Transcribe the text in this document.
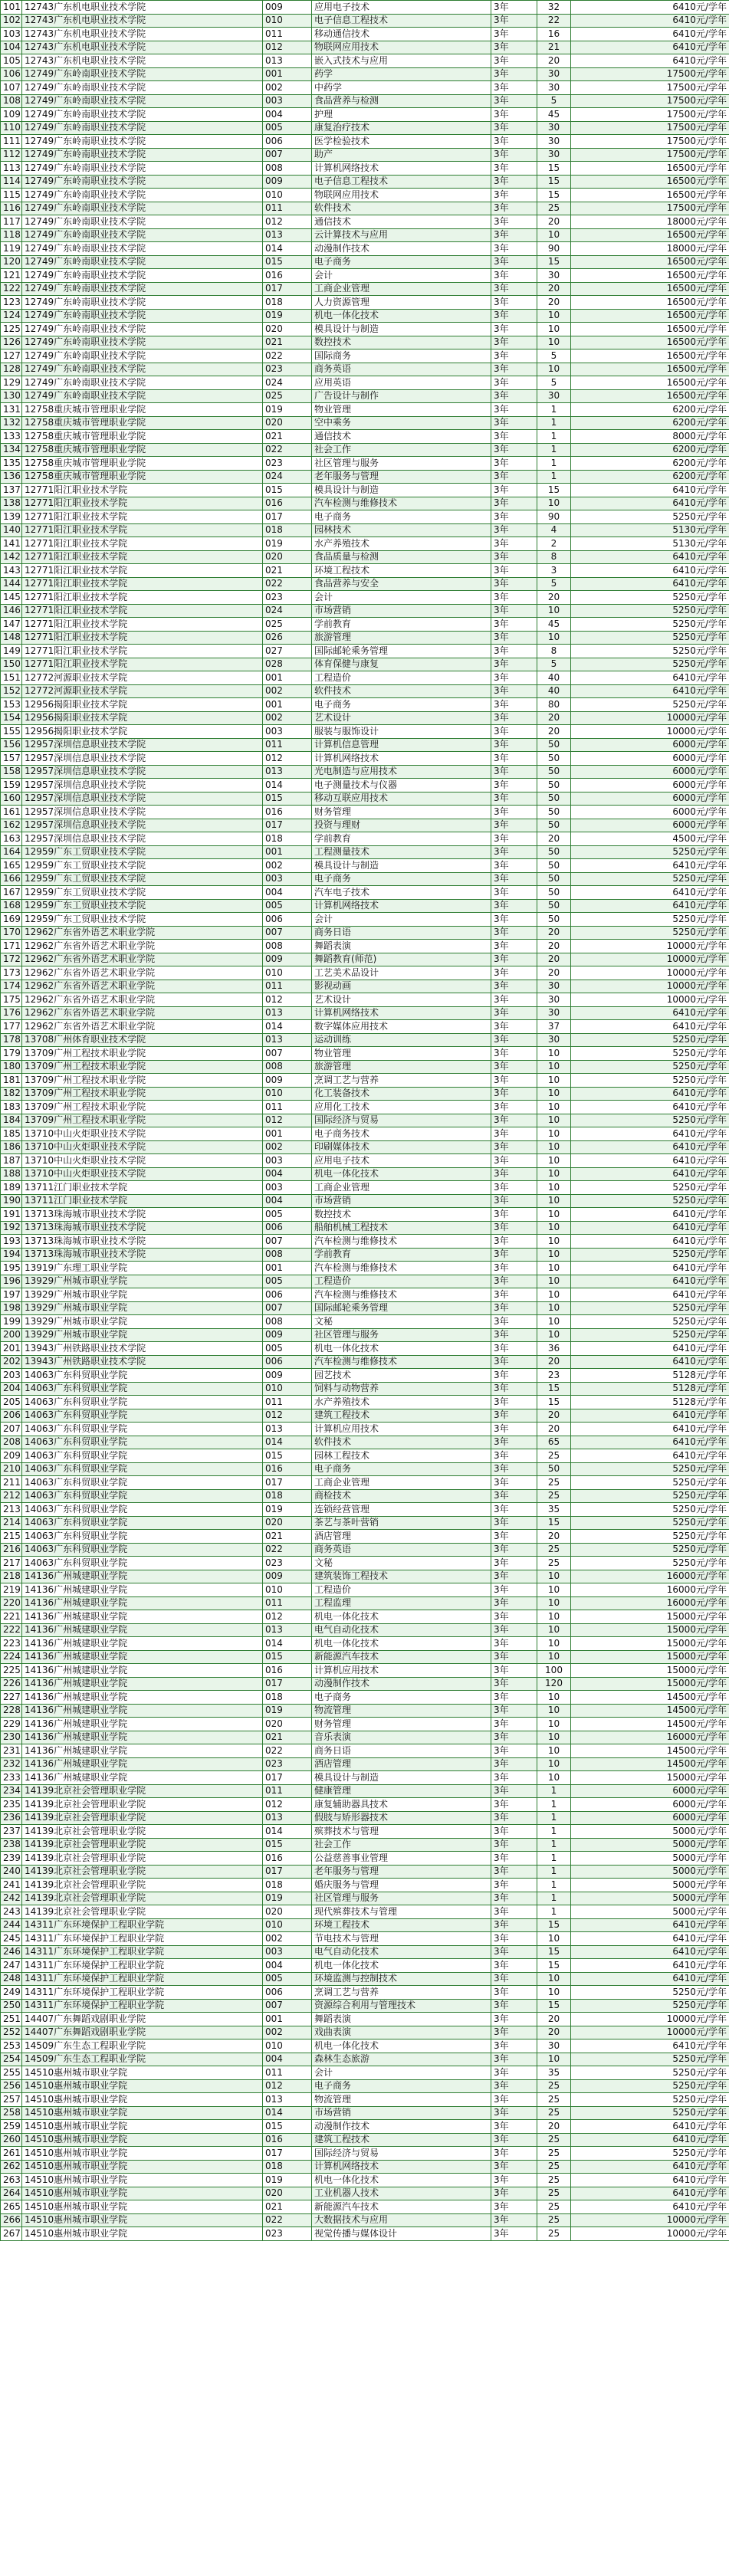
101	12743广东机电职业技术学院	009	应用电子技术	3年	32	6410元/学年
102	12743广东机电职业技术学院	010	电子信息工程技术	3年	22	6410元/学年
103	12743广东机电职业技术学院	011	移动通信技术	3年	16	6410元/学年
104	12743广东机电职业技术学院	012	物联网应用技术	3年	21	6410元/学年
105	12743广东机电职业技术学院	013	嵌入式技术与应用	3年	20	6410元/学年
106	12749广东岭南职业技术学院	001	药学	3年	30	17500元/学年
107	12749广东岭南职业技术学院	002	中药学	3年	30	17500元/学年
108	12749广东岭南职业技术学院	003	食品营养与检测	3年	5	17500元/学年
109	12749广东岭南职业技术学院	004	护理	3年	45	17500元/学年
110	12749广东岭南职业技术学院	005	康复治疗技术	3年	30	17500元/学年
111	12749广东岭南职业技术学院	006	医学检验技术	3年	30	17500元/学年
112	12749广东岭南职业技术学院	007	助产	3年	30	17500元/学年
113	12749广东岭南职业技术学院	008	计算机网络技术	3年	15	16500元/学年
114	12749广东岭南职业技术学院	009	电子信息工程技术	3年	15	16500元/学年
115	12749广东岭南职业技术学院	010	物联网应用技术	3年	15	16500元/学年
116	12749广东岭南职业技术学院	011	软件技术	3年	25	17500元/学年
117	12749广东岭南职业技术学院	012	通信技术	3年	20	18000元/学年
118	12749广东岭南职业技术学院	013	云计算技术与应用	3年	10	16500元/学年
119	12749广东岭南职业技术学院	014	动漫制作技术	3年	90	18000元/学年
120	12749广东岭南职业技术学院	015	电子商务	3年	15	16500元/学年
121	12749广东岭南职业技术学院	016	会计	3年	30	16500元/学年
122	12749广东岭南职业技术学院	017	工商企业管理	3年	20	16500元/学年
123	12749广东岭南职业技术学院	018	人力资源管理	3年	20	16500元/学年
124	12749广东岭南职业技术学院	019	机电一体化技术	3年	10	16500元/学年
125	12749广东岭南职业技术学院	020	模具设计与制造	3年	10	16500元/学年
126	12749广东岭南职业技术学院	021	数控技术	3年	10	16500元/学年
127	12749广东岭南职业技术学院	022	国际商务	3年	5	16500元/学年
128	12749广东岭南职业技术学院	023	商务英语	3年	10	16500元/学年
129	12749广东岭南职业技术学院	024	应用英语	3年	5	16500元/学年
130	12749广东岭南职业技术学院	025	广告设计与制作	3年	30	16500元/学年
131	12758重庆城市管理职业学院	019	物业管理	3年	1	6200元/学年
132	12758重庆城市管理职业学院	020	空中乘务	3年	1	6200元/学年
133	12758重庆城市管理职业学院	021	通信技术	3年	1	8000元/学年
134	12758重庆城市管理职业学院	022	社会工作	3年	1	6200元/学年
135	12758重庆城市管理职业学院	023	社区管理与服务	3年	1	6200元/学年
136	12758重庆城市管理职业学院	024	老年服务与管理	3年	1	6200元/学年
137	12771阳江职业技术学院	015	模具设计与制造	3年	15	6410元/学年
138	12771阳江职业技术学院	016	汽车检测与维修技术	3年	10	6410元/学年
139	12771阳江职业技术学院	017	电子商务	3年	90	5250元/学年
140	12771阳江职业技术学院	018	园林技术	3年	4	5130元/学年
141	12771阳江职业技术学院	019	水产养殖技术	3年	2	5130元/学年
142	12771阳江职业技术学院	020	食品质量与检测	3年	8	6410元/学年
143	12771阳江职业技术学院	021	环境工程技术	3年	3	6410元/学年
144	12771阳江职业技术学院	022	食品营养与安全	3年	5	6410元/学年
145	12771阳江职业技术学院	023	会计	3年	20	5250元/学年
146	12771阳江职业技术学院	024	市场营销	3年	10	5250元/学年
147	12771阳江职业技术学院	025	学前教育	3年	45	5250元/学年
148	12771阳江职业技术学院	026	旅游管理	3年	10	5250元/学年
149	12771阳江职业技术学院	027	国际邮轮乘务管理	3年	8	5250元/学年
150	12771阳江职业技术学院	028	体育保健与康复	3年	5	5250元/学年
151	12772河源职业技术学院	001	工程造价	3年	40	6410元/学年
152	12772河源职业技术学院	002	软件技术	3年	40	6410元/学年
153	12956揭阳职业技术学院	001	电子商务	3年	80	5250元/学年
154	12956揭阳职业技术学院	002	艺术设计	3年	20	10000元/学年
155	12956揭阳职业技术学院	003	服装与服饰设计	3年	20	10000元/学年
156	12957深圳信息职业技术学院	011	计算机信息管理	3年	50	6000元/学年
157	12957深圳信息职业技术学院	012	计算机网络技术	3年	50	6000元/学年
158	12957深圳信息职业技术学院	013	光电制造与应用技术	3年	50	6000元/学年
159	12957深圳信息职业技术学院	014	电子测量技术与仪器	3年	50	6000元/学年
160	12957深圳信息职业技术学院	015	移动互联应用技术	3年	50	6000元/学年
161	12957深圳信息职业技术学院	016	财务管理	3年	50	6000元/学年
162	12957深圳信息职业技术学院	017	投资与理财	3年	50	6000元/学年
163	12957深圳信息职业技术学院	018	学前教育	3年	20	4500元/学年
164	12959广东工贸职业技术学院	001	工程测量技术	3年	50	5250元/学年
165	12959广东工贸职业技术学院	002	模具设计与制造	3年	50	6410元/学年
166	12959广东工贸职业技术学院	003	电子商务	3年	50	5250元/学年
167	12959广东工贸职业技术学院	004	汽车电子技术	3年	50	6410元/学年
168	12959广东工贸职业技术学院	005	计算机网络技术	3年	50	6410元/学年
169	12959广东工贸职业技术学院	006	会计	3年	50	5250元/学年
170	12962广东省外语艺术职业学院	007	商务日语	3年	20	5250元/学年
171	12962广东省外语艺术职业学院	008	舞蹈表演	3年	20	10000元/学年
172	12962广东省外语艺术职业学院	009	舞蹈教育(师范)	3年	20	10000元/学年
173	12962广东省外语艺术职业学院	010	工艺美术品设计	3年	20	10000元/学年
174	12962广东省外语艺术职业学院	011	影视动画	3年	30	10000元/学年
175	12962广东省外语艺术职业学院	012	艺术设计	3年	30	10000元/学年
176	12962广东省外语艺术职业学院	013	计算机网络技术	3年	30	6410元/学年
177	12962广东省外语艺术职业学院	014	数字媒体应用技术	3年	37	6410元/学年
178	13708广州体育职业技术学院	013	运动训练	3年	30	5250元/学年
179	13709广州工程技术职业学院	007	物业管理	3年	10	5250元/学年
180	13709广州工程技术职业学院	008	旅游管理	3年	10	5250元/学年
181	13709广州工程技术职业学院	009	烹调工艺与营养	3年	10	5250元/学年
182	13709广州工程技术职业学院	010	化工装备技术	3年	10	6410元/学年
183	13709广州工程技术职业学院	011	应用化工技术	3年	10	6410元/学年
184	13709广州工程技术职业学院	012	国际经济与贸易	3年	10	5250元/学年
185	13710中山火炬职业技术学院	001	电子商务技术	3年	10	6410元/学年
186	13710中山火炬职业技术学院	002	印刷媒体技术	3年	10	6410元/学年
187	13710中山火炬职业技术学院	003	应用电子技术	3年	10	6410元/学年
188	13710中山火炬职业技术学院	004	机电一体化技术	3年	10	6410元/学年
189	13711江门职业技术学院	003	工商企业管理	3年	10	5250元/学年
190	13711江门职业技术学院	004	市场营销	3年	10	5250元/学年
191	13713珠海城市职业技术学院	005	数控技术	3年	10	6410元/学年
192	13713珠海城市职业技术学院	006	船舶机械工程技术	3年	10	6410元/学年
193	13713珠海城市职业技术学院	007	汽车检测与维修技术	3年	10	6410元/学年
194	13713珠海城市职业技术学院	008	学前教育	3年	10	5250元/学年
195	13919广东理工职业学院	001	汽车检测与维修技术	3年	10	6410元/学年
196	13929广州城市职业学院	005	工程造价	3年	10	6410元/学年
197	13929广州城市职业学院	006	汽车检测与维修技术	3年	10	6410元/学年
198	13929广州城市职业学院	007	国际邮轮乘务管理	3年	10	5250元/学年
199	13929广州城市职业学院	008	文秘	3年	10	5250元/学年
200	13929广州城市职业学院	009	社区管理与服务	3年	10	5250元/学年
201	13943广州铁路职业技术学院	005	机电一体化技术	3年	36	6410元/学年
202	13943广州铁路职业技术学院	006	汽车检测与维修技术	3年	20	6410元/学年
203	14063广东科贸职业学院	009	园艺技术	3年	23	5128元/学年
204	14063广东科贸职业学院	010	饲料与动物营养	3年	15	5128元/学年
205	14063广东科贸职业学院	011	水产养殖技术	3年	15	5128元/学年
206	14063广东科贸职业学院	012	建筑工程技术	3年	20	6410元/学年
207	14063广东科贸职业学院	013	计算机应用技术	3年	20	6410元/学年
208	14063广东科贸职业学院	014	软件技术	3年	65	6410元/学年
209	14063广东科贸职业学院	015	园林工程技术	3年	25	6410元/学年
210	14063广东科贸职业学院	016	电子商务	3年	50	5250元/学年
211	14063广东科贸职业学院	017	工商企业管理	3年	25	5250元/学年
212	14063广东科贸职业学院	018	商检技术	3年	25	5250元/学年
213	14063广东科贸职业学院	019	连锁经营管理	3年	35	5250元/学年
214	14063广东科贸职业学院	020	茶艺与茶叶营销	3年	15	5250元/学年
215	14063广东科贸职业学院	021	酒店管理	3年	20	5250元/学年
216	14063广东科贸职业学院	022	商务英语	3年	25	5250元/学年
217	14063广东科贸职业学院	023	文秘	3年	25	5250元/学年
218	14136广州城建职业学院	009	建筑装饰工程技术	3年	10	16000元/学年
219	14136广州城建职业学院	010	工程造价	3年	10	16000元/学年
220	14136广州城建职业学院	011	工程监理	3年	10	16000元/学年
221	14136广州城建职业学院	012	机电一体化技术	3年	10	15000元/学年
222	14136广州城建职业学院	013	电气自动化技术	3年	10	15000元/学年
223	14136广州城建职业学院	014	机电一体化技术	3年	10	15000元/学年
224	14136广州城建职业学院	015	新能源汽车技术	3年	10	15000元/学年
225	14136广州城建职业学院	016	计算机应用技术	3年	100	15000元/学年
226	14136广州城建职业学院	017	动漫制作技术	3年	120	15000元/学年
227	14136广州城建职业学院	018	电子商务	3年	10	14500元/学年
228	14136广州城建职业学院	019	物流管理	3年	10	14500元/学年
229	14136广州城建职业学院	020	财务管理	3年	10	14500元/学年
230	14136广州城建职业学院	021	音乐表演	3年	10	16000元/学年
231	14136广州城建职业学院	022	商务日语	3年	10	14500元/学年
232	14136广州城建职业学院	023	酒店管理	3年	10	14500元/学年
233	14136广州城建职业学院	017	模具设计与制造	3年	10	15000元/学年
234	14139北京社会管理职业学院	011	健康管理	3年	1	6000元/学年
235	14139北京社会管理职业学院	012	康复辅助器具技术	3年	1	6000元/学年
236	14139北京社会管理职业学院	013	假肢与矫形器技术	3年	1	6000元/学年
237	14139北京社会管理职业学院	014	殡葬技术与管理	3年	1	5000元/学年
238	14139北京社会管理职业学院	015	社会工作	3年	1	5000元/学年
239	14139北京社会管理职业学院	016	公益慈善事业管理	3年	1	5000元/学年
240	14139北京社会管理职业学院	017	老年服务与管理	3年	1	5000元/学年
241	14139北京社会管理职业学院	018	婚庆服务与管理	3年	1	5000元/学年
242	14139北京社会管理职业学院	019	社区管理与服务	3年	1	5000元/学年
243	14139北京社会管理职业学院	020	现代殡葬技术与管理	3年	1	5000元/学年
244	14311广东环境保护工程职业学院	010	环境工程技术	3年	15	6410元/学年
245	14311广东环境保护工程职业学院	002	节电技术与管理	3年	10	6410元/学年
246	14311广东环境保护工程职业学院	003	电气自动化技术	3年	15	6410元/学年
247	14311广东环境保护工程职业学院	004	机电一体化技术	3年	15	6410元/学年
248	14311广东环境保护工程职业学院	005	环境监测与控制技术	3年	10	6410元/学年
249	14311广东环境保护工程职业学院	006	烹调工艺与营养	3年	10	5250元/学年
250	14311广东环境保护工程职业学院	007	资源综合利用与管理技术	3年	15	5250元/学年
251	14407广东舞蹈戏剧职业学院	001	舞蹈表演	3年	20	10000元/学年
252	14407广东舞蹈戏剧职业学院	002	戏曲表演	3年	20	10000元/学年
253	14509广东生态工程职业学院	010	机电一体化技术	3年	30	6410元/学年
254	14509广东生态工程职业学院	004	森林生态旅游	3年	10	5250元/学年
255	14510惠州城市职业学院	011	会计	3年	35	5250元/学年
256	14510惠州城市职业学院	012	电子商务	3年	25	5250元/学年
257	14510惠州城市职业学院	013	物流管理	3年	25	5250元/学年
258	14510惠州城市职业学院	014	市场营销	3年	25	5250元/学年
259	14510惠州城市职业学院	015	动漫制作技术	3年	20	6410元/学年
260	14510惠州城市职业学院	016	建筑工程技术	3年	25	6410元/学年
261	14510惠州城市职业学院	017	国际经济与贸易	3年	25	5250元/学年
262	14510惠州城市职业学院	018	计算机网络技术	3年	25	6410元/学年
263	14510惠州城市职业学院	019	机电一体化技术	3年	25	6410元/学年
264	14510惠州城市职业学院	020	工业机器人技术	3年	25	6410元/学年
265	14510惠州城市职业学院	021	新能源汽车技术	3年	25	6410元/学年
266	14510惠州城市职业学院	022	大数据技术与应用	3年	25	10000元/学年
267	14510惠州城市职业学院	023	视觉传播与媒体设计	3年	25	10000元/学年
